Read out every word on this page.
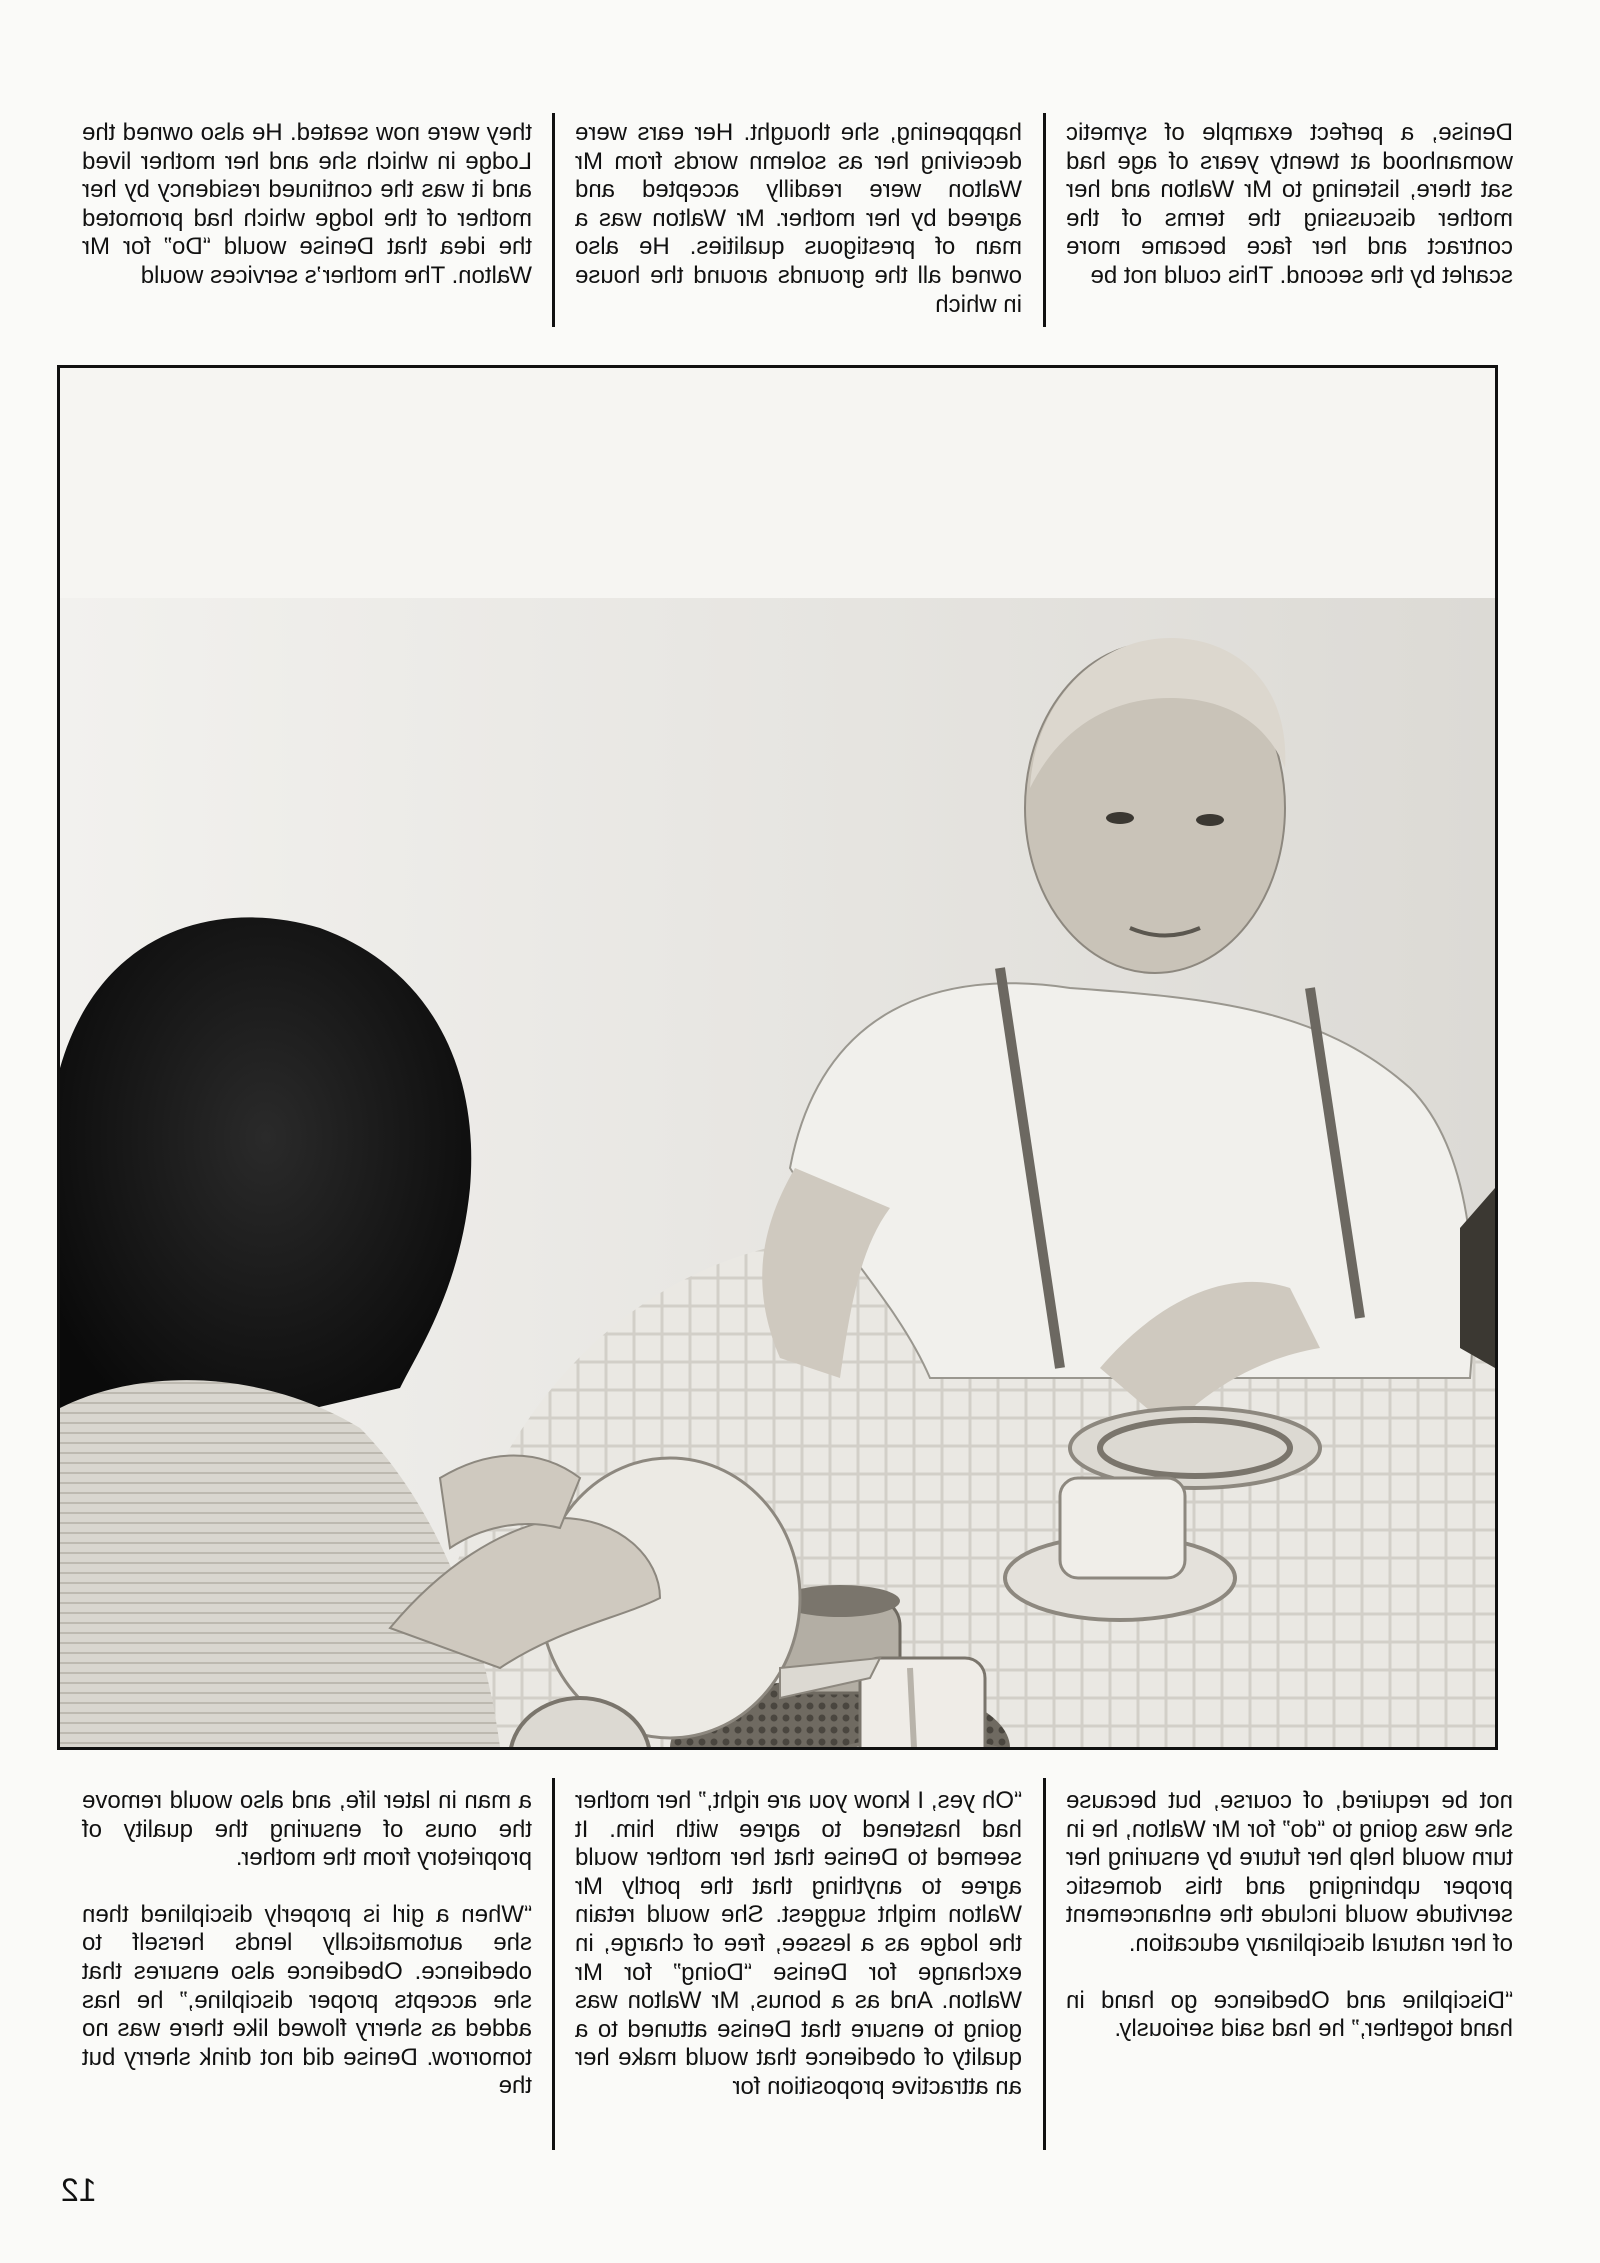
Denise, a perfect example of symetic womanhood at twenty years of age had sat there, listening to Mr Walton and her mother discussing the terms of the contract and her face became more scarlet by the second. This could not be

happpening, she thought. Her ears were deceiving her as solemn words from Mr Walton were readilly accepted and agreed by her mother. Mr Walton was a man of prestigous qualities. He also owned all the grounds around the house in which

they were now seated. He also owned the Lodge in which she and her mother lived and it was the continued residency by her mother of the lodge which had promoted the idea that Denise would “Do” for Mr Walton. The mother’s services would

not be required, of course, but because she was going to “do” for Mr Walton, he in turn would help her future by ensuring her proper upbringing and this domestic servitude would include the enhancement of her natural disciplinary education.

“Discipline and Obedience go hand in hand together,” he had said seriously.

“Oh yes, I know you are right,” her mother had hastened to agree with him. It seemed to Denise that her mother would agree to anything that the portly Mr Walton might suggest. She would retain the lodge as a lessee, free of charge, in exchange for Denise “Doing” for Mr Walton. And as a bonus, Mr Walton was going to ensure that Denise attuned to a quality of obedience that would make her an attractive proposition for

a man in later life, and also would remove the onus of ensuring the quality of proprietory from the mother.

“When a girl is properly disciplined then she automatically lends herself to obedience. Obedience also ensures that she accepts proper discipline,” he has added as sherry flowed like there was no tomorrow. Denise did not drink sherry but the

12
